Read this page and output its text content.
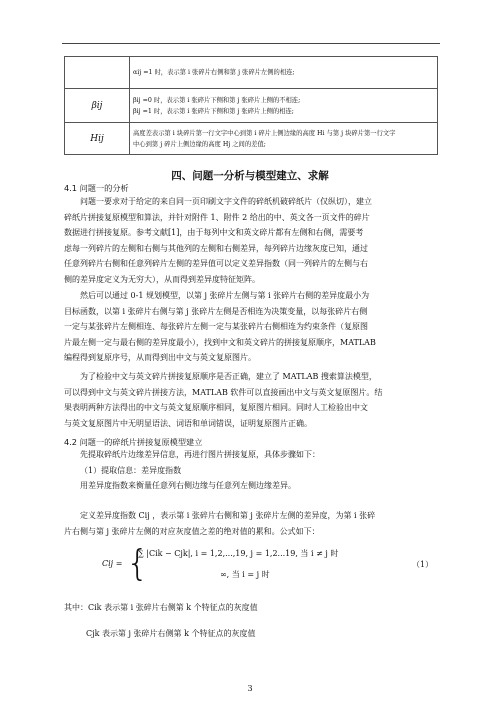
	αij =1 时，表示第 i 张碎片右侧和第 j 张碎片左侧的相连;

βij	βij =0 时，表示第 i 张碎片下侧和第 j 张碎片上侧的不相连;
βij =1 时，表示第 i 张碎片下侧和第 j 张碎片上侧的相连;

Hij	高度差表示第 i 块碎片第一行文字中心到第 i 碎片上侧边缘的高度 Hi 与第 j 块碎片第一行文字
中心到第 j 碎片上侧边缘的高度 Hj 之间的差值;
四、问题一分析与模型建立、求解
4.1 问题一的分析
问题一要求对于给定的来自同一页印刷文字文件的碎纸机破碎纸片（仅纵切），建立
碎纸片拼接复原模型和算法，并针对附件 1、附件 2 给出的中、英文各一页文件的碎片
数据进行拼接复原。参考文献[1]，由于每列中文和英文碎片都有左侧和右侧，需要考
虑每一列碎片的左侧和右侧与其他列的左侧和右侧差异，每列碎片边缘灰度已知，通过
任意列碎片右侧和任意列碎片左侧的差异值可以定义差异指数（同一列碎片的左侧与右
侧的差异度定义为无穷大），从而得到差异度特征矩阵。
然后可以通过 0-1 规划模型，以第 j 张碎片左侧与第 i 张碎片右侧的差异度最小为
目标函数，以第 i 张碎片右侧与第 j 张碎片左侧是否相连为决策变量，以每张碎片右侧
一定与某张碎片左侧相连、每张碎片左侧一定与某张碎片右侧相连为约束条件（复原图
片最左侧一定与最右侧的差异度最小），找到中文和英文碎片的拼接复原顺序，MATLAB
编程得到复原序号，从而得到出中文与英文复原图片。
为了检验中文与英文碎片拼接复原顺序是否正确，建立了 MATLAB 搜索算法模型，
可以得到中文与英文碎片拼接方法，MATLAB 软件可以直接画出中文与英文复原图片。结
果表明两种方法得出的中文与英文复原顺序相同，复原图片相同。同时人工检验出中文
与英文复原图片中无明显语法、词语和单词错误，证明复原图片正确。
4.2 问题一的碎纸片拼接复原模型建立
先提取碎纸片边缘差异信息，再进行图片拼接复原，具体步骤如下：
（1）提取信息：差异度指数
用差异度指数来衡量任意列右侧边缘与任意列左侧边缘差异。
定义差异度指数 Cij ，表示第 i 张碎片右侧和第 j 张碎片左侧的差异度，为第 i 张碎
片右侧与第 j 张碎片左侧的对应灰度值之差的绝对值的累和。公式如下：
Cij = {
∑ |Cik − Cjk|, i = 1,2,...,19, j = 1,2...19, 当 i ≠ j 时
∞, 当 i = j 时
（1）
其中：Cik 表示第 i 张碎片右侧第 k 个特征点的灰度值
Cjk 表示第 j 张碎片右侧第 k 个特征点的灰度值
3
